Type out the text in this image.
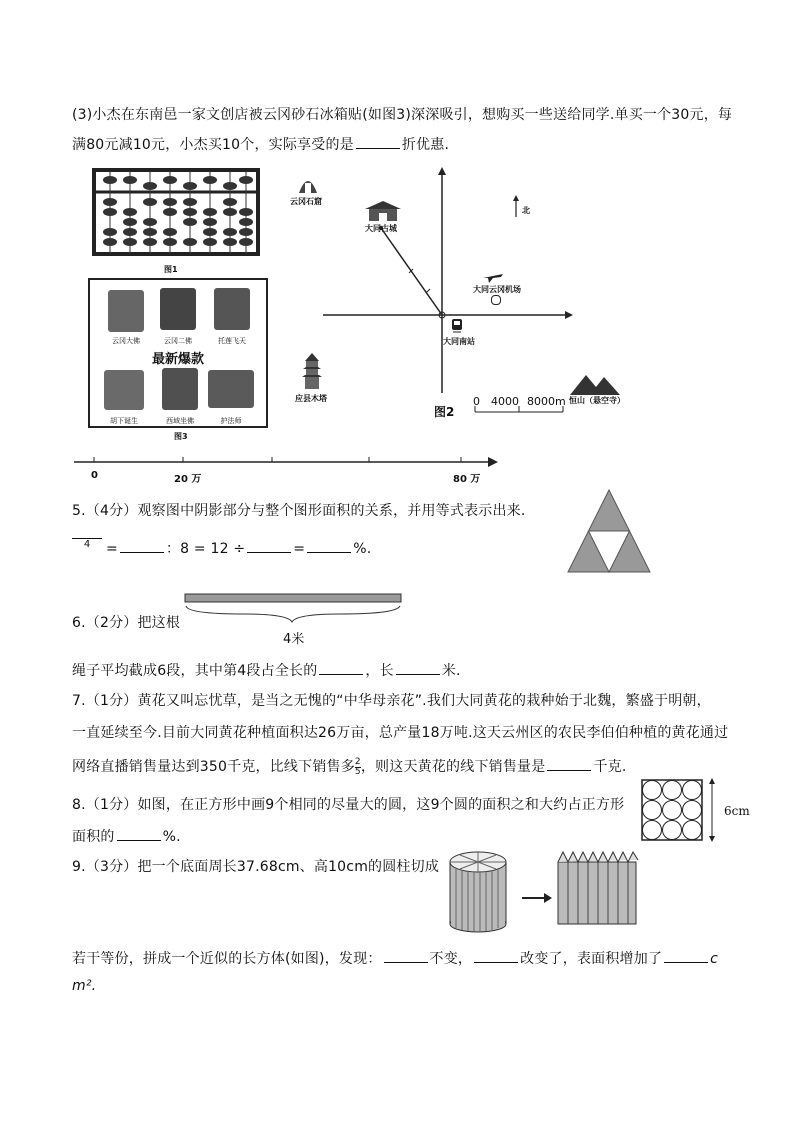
(3)小杰在东南邑一家文创店被云冈砂石冰箱贴(如图3)深深吸引，想购买一些送给同学.单买一个30元，每
满80元减10元，小杰买10个，实际享受的是	折优惠.
图1
云冈大佛	云冈二佛	托莲飞天
最新爆款
胡下诞生	西域坐佛	护法师
图3
北
云冈石窟
大同古城
大同云冈机场
大同南站
应县木塔	恒山（悬空寺）
图2
0 4000 8000m
0	20 万	80 万
5.（4分）观察图中阴影部分与整个图形面积的关系，并用等式表示出来.
4	=	：8 = 12 ÷	=	%.
6.（2分）把这根
4米
绳子平均截成6段，其中第4段占全长的	，长	米.
7.（1分）黄花又叫忘忧草，是当之无愧的“中华母亲花”.我们大同黄花的栽种始于北魏，繁盛于明朝，
一直延续至今.目前大同黄花种植面积达26万亩，总产量18万吨.这天云州区的农民李伯伯种植的黄花通过
网络直播销售量达到350千克，比线下销售多 $\frac{2}{5}$ ，则这天黄花的线下销售量是	千克.
8.（1分）如图，在正方形中画9个相同的尽量大的圆，这9个圆的面积之和大约占正方形
面积的	%.
6cm
9.（3分）把一个底面周长37.68cm、高10cm的圆柱切成
若干等份，拼成一个近似的长方体(如图)，发现：	不变，	改变了，表面积增加了	c
m².
